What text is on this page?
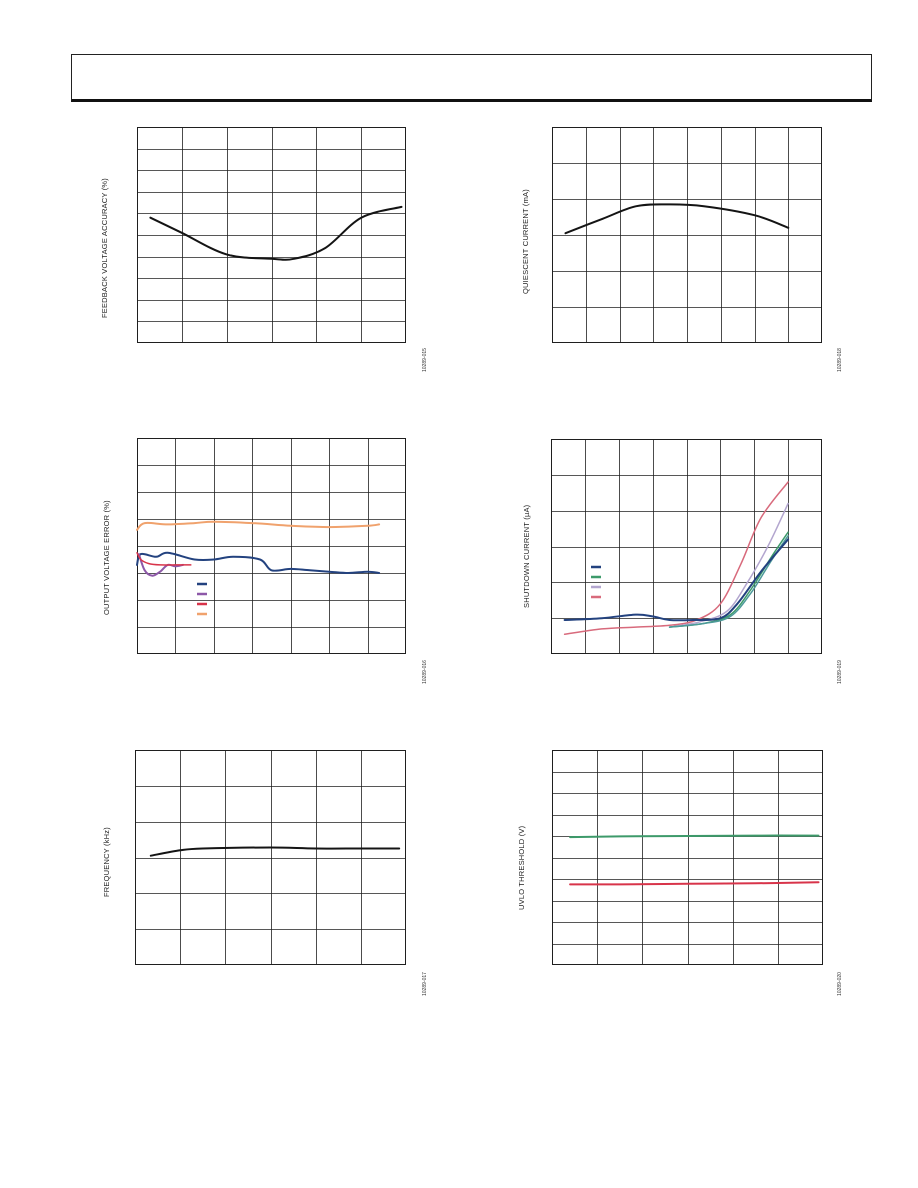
FEEDBACK VOLTAGE ACCURACY (%)
10289-015
QUIESCENT CURRENT (mA)
10289-018
OUTPUT VOLTAGE ERROR (%)
10289-016
SHUTDOWN CURRENT (µA)
10289-019
FREQUENCY (kHz)
10289-017
UVLO THRESHOLD (V)
10289-020
